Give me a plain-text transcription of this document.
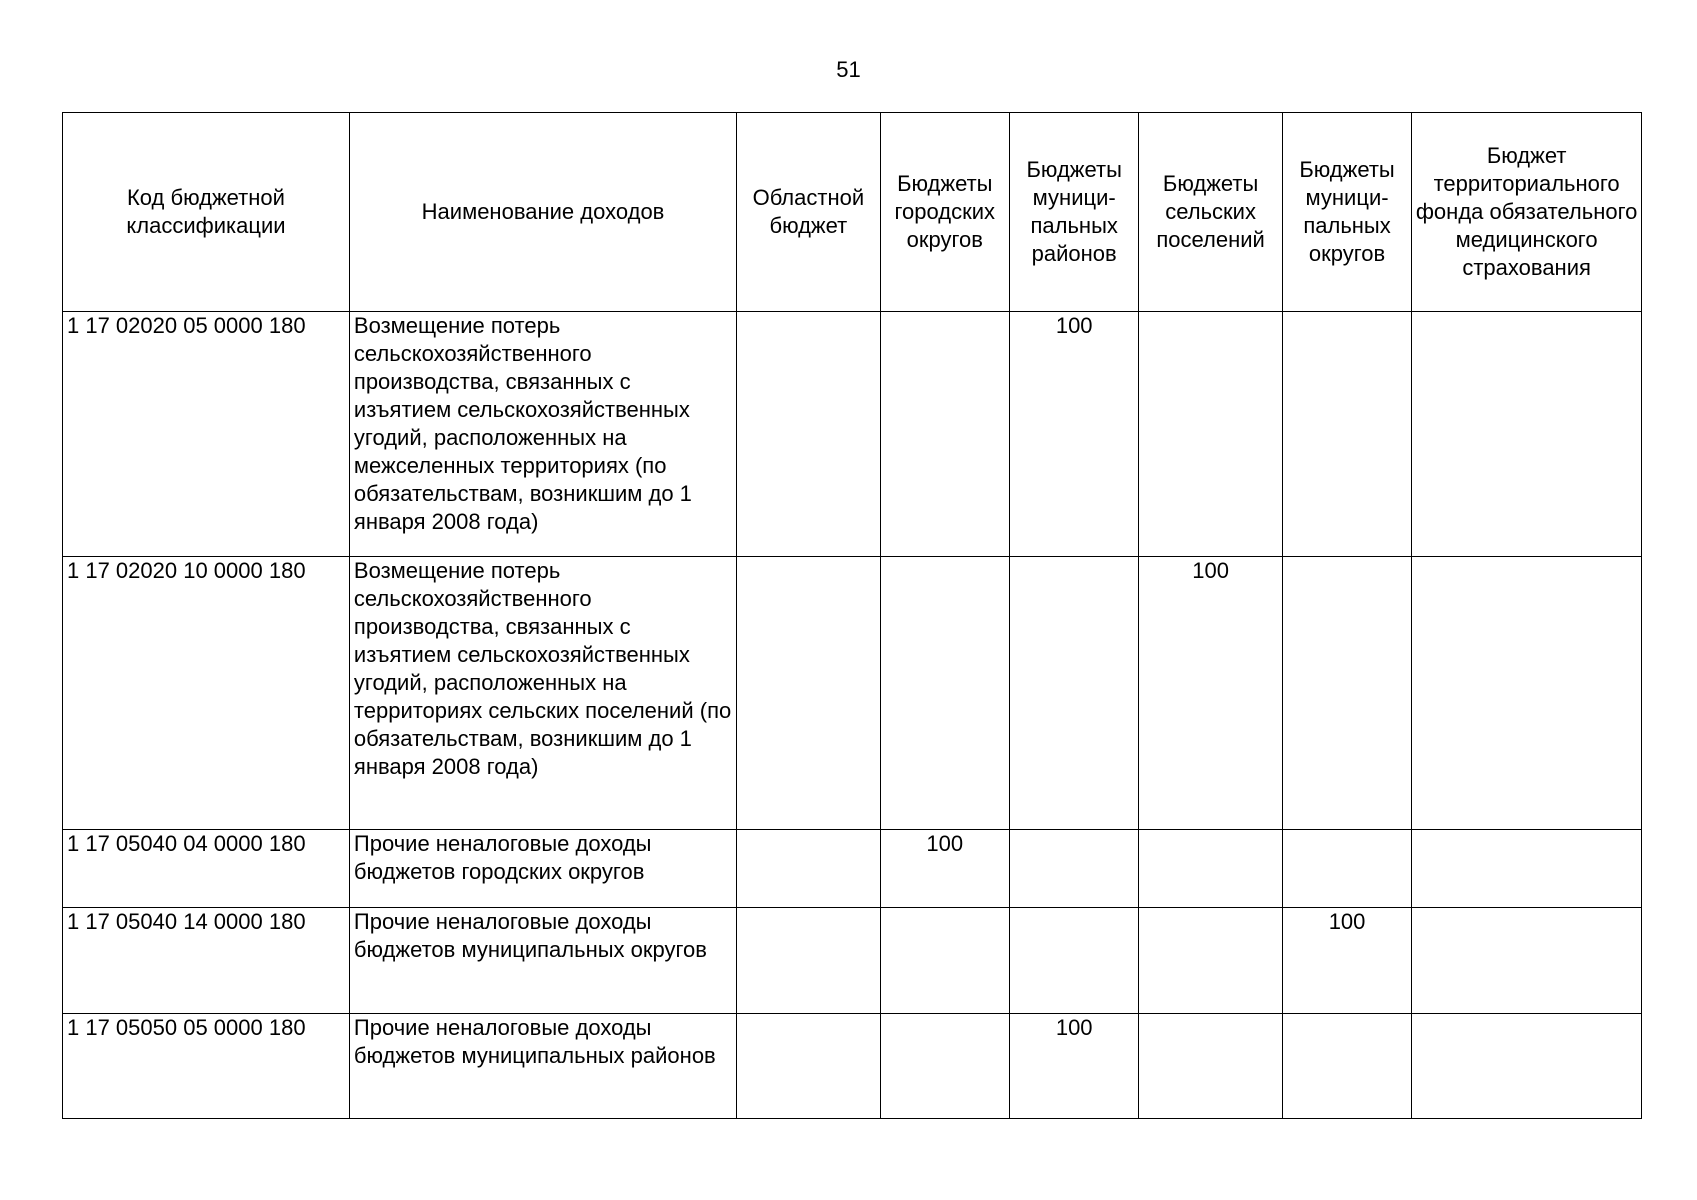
51
Код бюджетной классификации	Наименование доходов	Областной бюджет	Бюджеты городских округов	Бюджеты муници-пальных районов	Бюджеты сельских поселений	Бюджеты муници-пальных округов	Бюджет территориального фонда обязательного медицинского страхования
1 17 02020 05 0000 180	Возмещение потерь сельскохозяйственного производства, связанных с изъятием сельскохозяйственных угодий, расположенных на межселенных территориях (по обязательствам, возникшим до 1 января 2008 года)			100			
1 17 02020 10 0000 180	Возмещение потерь сельскохозяйственного производства, связанных с изъятием сельскохозяйственных угодий, расположенных на территориях сельских поселений (по обязательствам, возникшим до 1 января 2008 года)				100		
1 17 05040 04 0000 180	Прочие неналоговые доходы бюджетов городских округов		100				
1 17 05040 14 0000 180	Прочие неналоговые доходы бюджетов муниципальных округов					100	
1 17 05050 05 0000 180	Прочие неналоговые доходы бюджетов муниципальных районов			100			
